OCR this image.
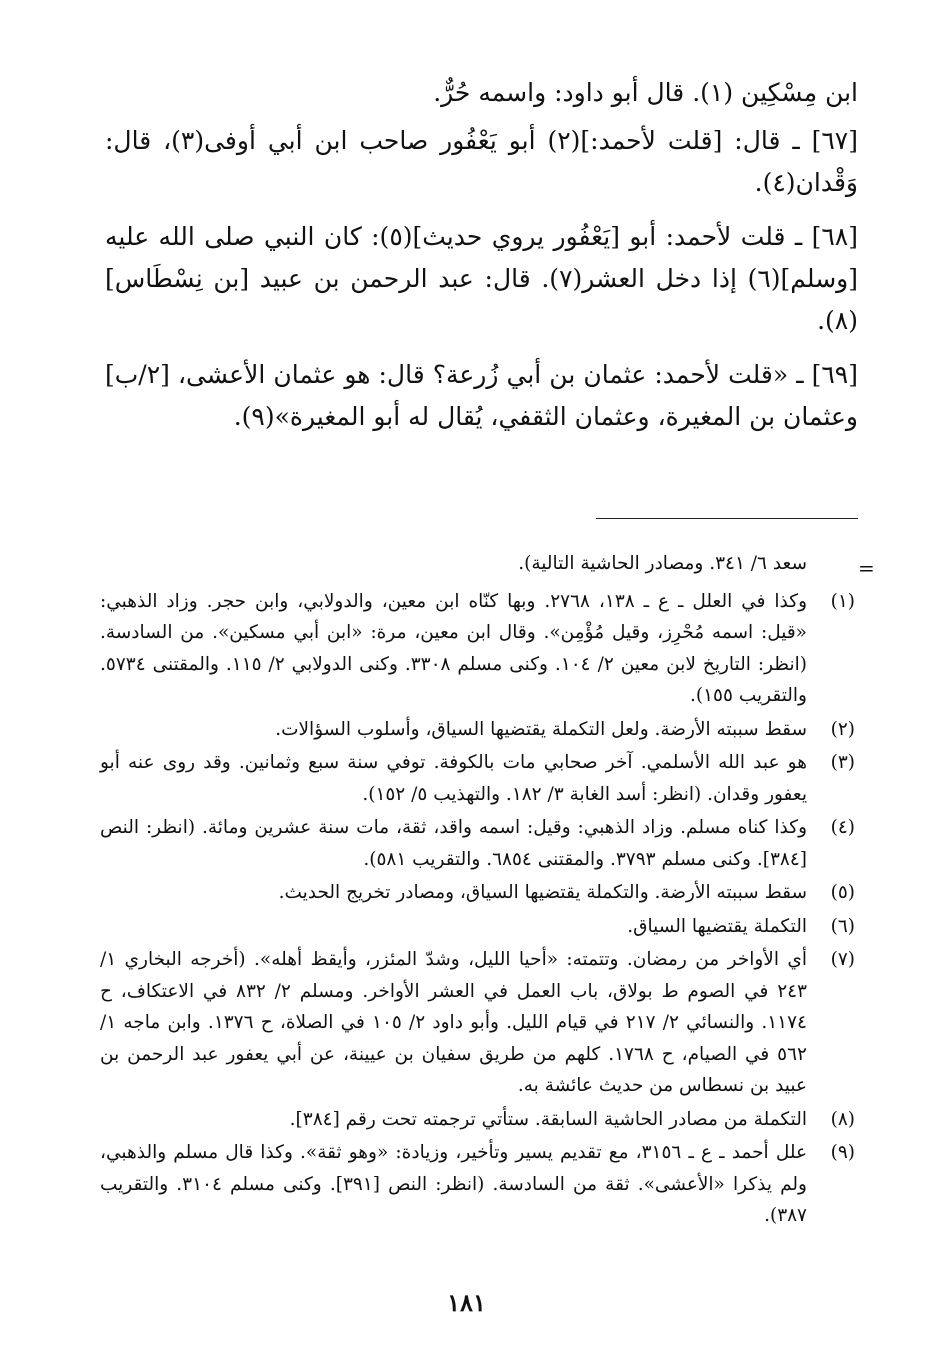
ابن مِسْكِين (١). قال أبو داود: واسمه حُرٌّ.

[٦٧] ـ قال: [قلت لأحمد:](٢) أبو يَعْفُور صاحب ابن أبي أوفى(٣)، قال: وَقْدان(٤).

[٦٨] ـ قلت لأحمد: أبو [يَعْفُور يروي حديث](٥): كان النبي صلى الله عليه [وسلم](٦) إذا دخل العشر(٧). قال: عبد الرحمن بن عبيد [بن نِسْطَاس](٨).

[٦٩] ـ «قلت لأحمد: عثمان بن أبي زُرعة؟ قال: هو عثمان الأعشى، [٢/ب] وعثمان بن المغيرة، وعثمان الثقفي، يُقال له أبو المغيرة»(٩).

=

سعد ٦/ ٣٤١. ومصادر الحاشية التالية).

(١)
وكذا في العلل ـ ع ـ ١٣٨، ٢٧٦٨. وبها كنّاه ابن معين، والدولابي، وابن حجر. وزاد الذهبي: «قيل: اسمه مُحْرِز، وقيل مُؤْمِن». وقال ابن معين، مرة: «ابن أبي مسكين». من السادسة. (انظر: التاريخ لابن معين ٢/ ١٠٤. وكنى مسلم ٣٣٠٨. وكنى الدولابي ٢/ ١١٥. والمقتنى ٥٧٣٤. والتقريب ١٥٥).
(٢)
سقط سببته الأرضة. ولعل التكملة يقتضيها السياق، وأسلوب السؤالات.
(٣)
هو عبد الله الأسلمي. آخر صحابي مات بالكوفة. توفي سنة سبع وثمانين. وقد روى عنه أبو يعفور وقدان. (انظر: أسد الغابة ٣/ ١٨٢. والتهذيب ٥/ ١٥٢).
(٤)
وكذا كناه مسلم. وزاد الذهبي: وقيل: اسمه واقد، ثقة، مات سنة عشرين ومائة. (انظر: النص [٣٨٤]. وكنى مسلم ٣٧٩٣. والمقتنى ٦٨٥٤. والتقريب ٥٨١).
(٥)
سقط سببته الأرضة. والتكملة يقتضيها السياق، ومصادر تخريج الحديث.
(٦)
التكملة يقتضيها السياق.
(٧)
أي الأواخر من رمضان. وتتمته: «أحيا الليل، وشدّ المئزر، وأيقظ أهله». (أخرجه البخاري ١/ ٢٤٣ في الصوم ط بولاق، باب العمل في العشر الأواخر. ومسلم ٢/ ٨٣٢ في الاعتكاف، ح ١١٧٤. والنسائي ٢/ ٢١٧ في قيام الليل. وأبو داود ٢/ ١٠٥ في الصلاة، ح ١٣٧٦. وابن ماجه ١/ ٥٦٢ في الصيام، ح ١٧٦٨. كلهم من طريق سفيان بن عيينة، عن أبي يعفور عبد الرحمن بن عبيد بن نسطاس من حديث عائشة به.
(٨)
التكملة من مصادر الحاشية السابقة. ستأتي ترجمته تحت رقم [٣٨٤].
(٩)
علل أحمد ـ ع ـ ٣١٥٦، مع تقديم يسير وتأخير، وزيادة: «وهو ثقة». وكذا قال مسلم والذهبي، ولم يذكرا «الأعشى». ثقة من السادسة. (انظر: النص [٣٩١]. وكنى مسلم ٣١٠٤. والتقريب ٣٨٧).
١٨١
